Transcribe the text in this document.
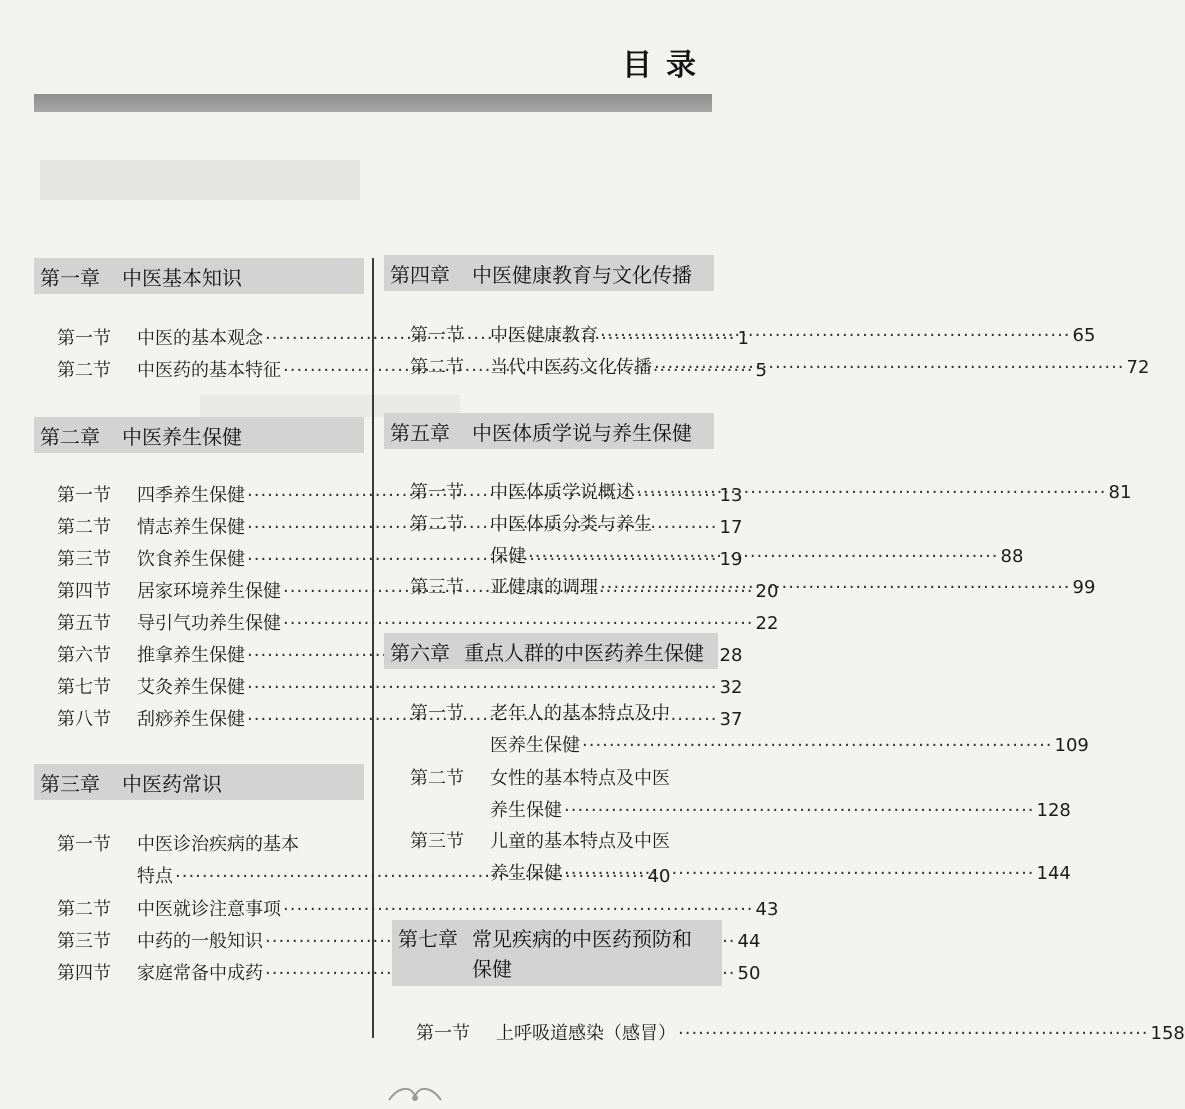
目录
第一章 中医基本知识
第一节	中医的基本观念 ·····	1
第二节	中医药的基本特征 ·····	5
第二章 中医养生保健
第一节	四季养生保健 ·····	13
第二节	情志养生保健 ·····	17
第三节	饮食养生保健 ·····	19
第四节	居家环境养生保健 ·····	20
第五节	导引气功养生保健 ·····	22
第六节	推拿养生保健 ·····	28
第七节	艾灸养生保健 ·····	32
第八节	刮痧养生保健 ·····	37
第三章 中医药常识
第一节	中医诊治疾病的基本
特点 ·····	40
第二节	中医就诊注意事项 ·····	43
第三节	中药的一般知识 ·····	44
第四节	家庭常备中成药 ·····	50
第四章 中医健康教育与文化传播
第一节	中医健康教育 ·····	65
第二节	当代中医药文化传播 ·····	72
第五章 中医体质学说与养生保健
第一节	中医体质学说概述 ·····	81
第二节	中医体质分类与养生
保健 ·····	88
第三节	亚健康的调理 ·····	99
第六章 重点人群的中医药养生保健
第一节	老年人的基本特点及中
医养生保健 ·····	109
第二节	女性的基本特点及中医
养生保健 ·····	128
第三节	儿童的基本特点及中医
养生保健 ·····	144
第七章 常见疾病的中医药预防和
保健
第一节	上呼吸道感染（感冒） ·····	158
